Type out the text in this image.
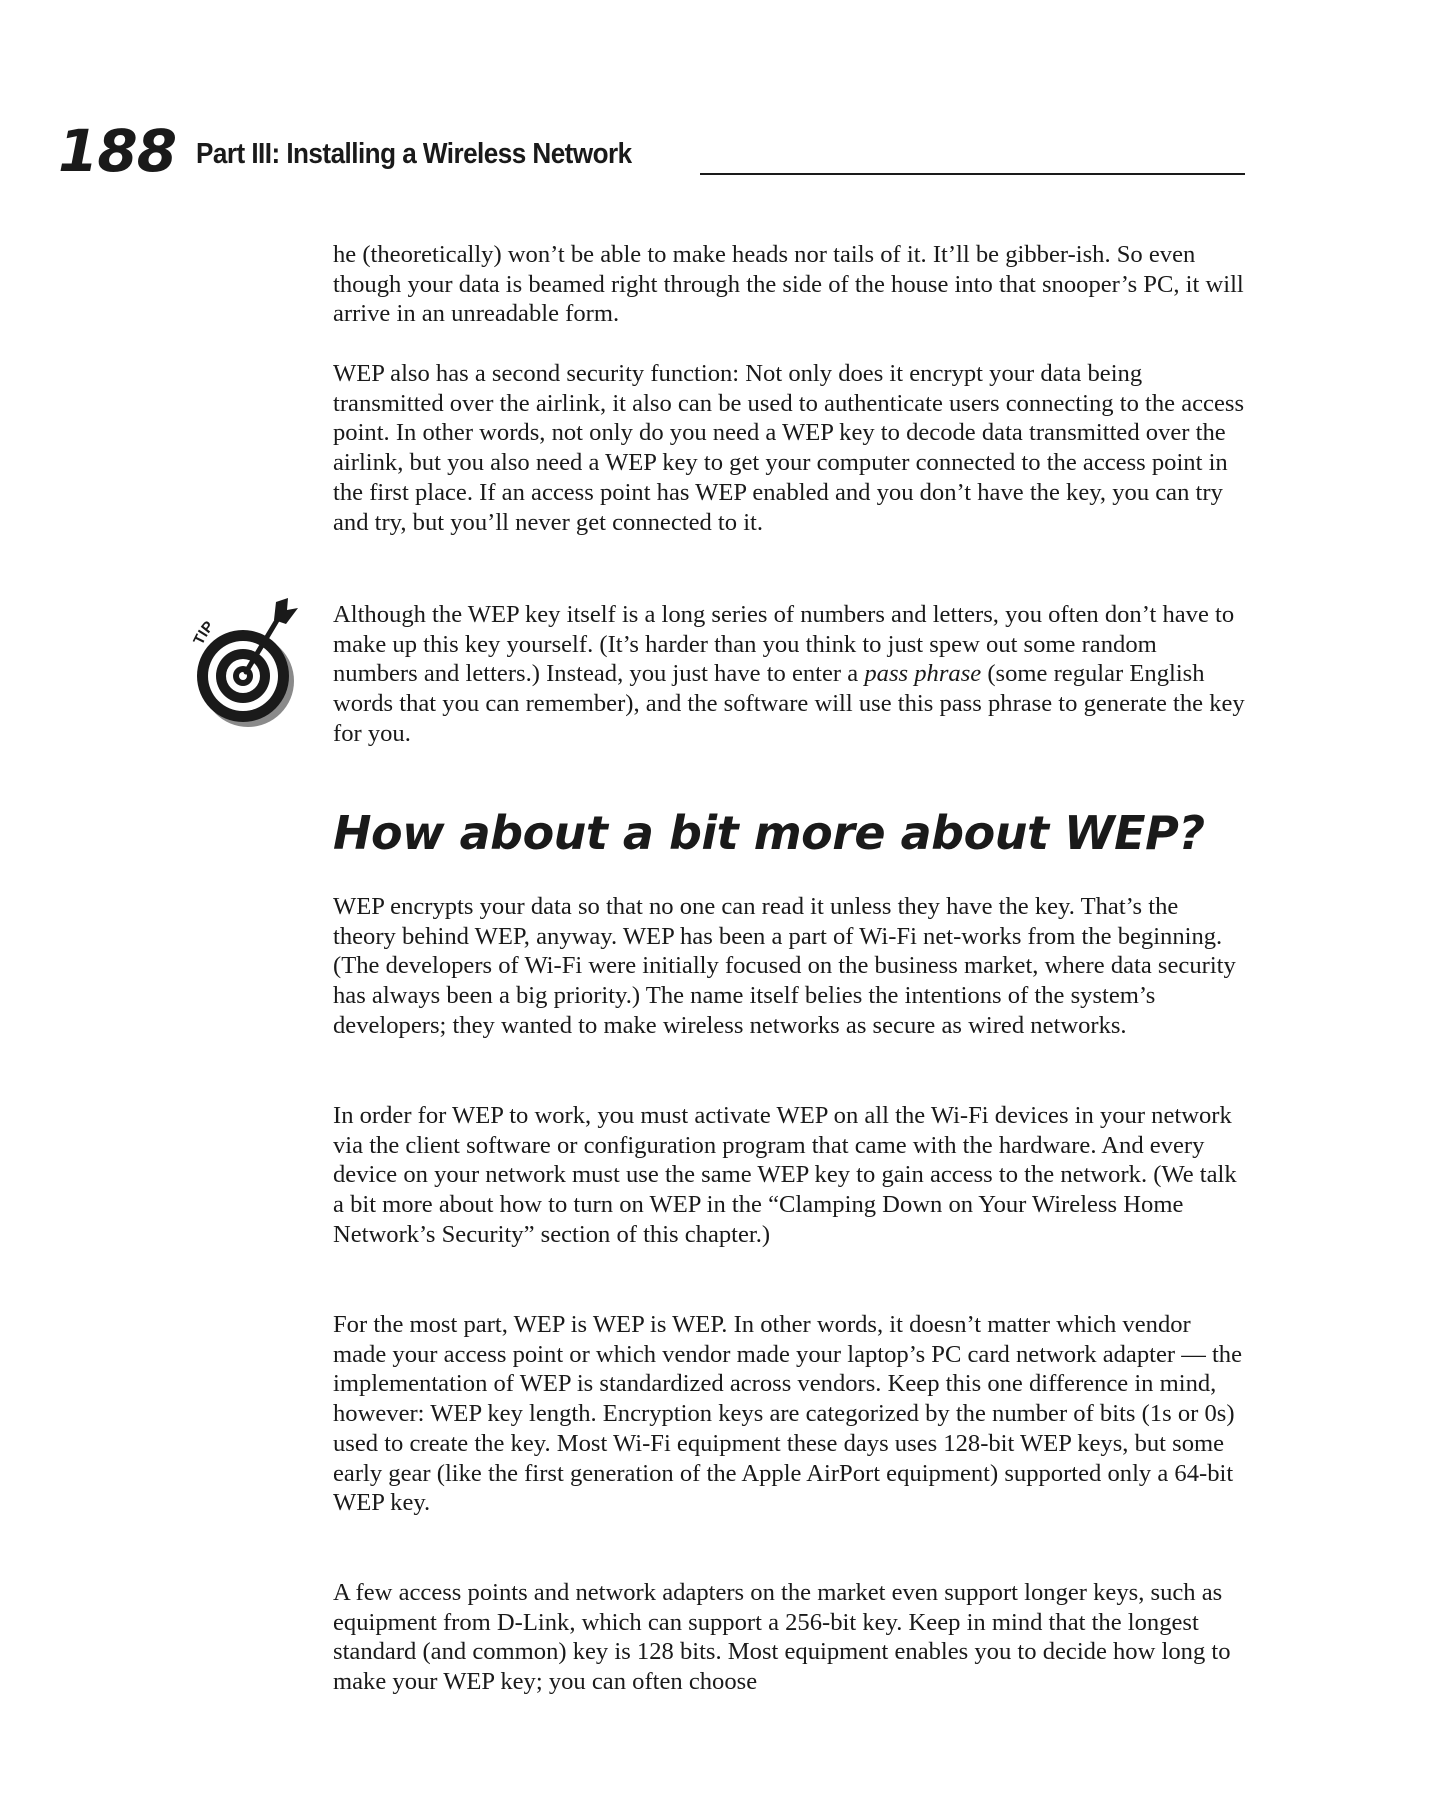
188 Part III: Installing a Wireless Network

he (theoretically) won’t be able to make heads nor tails of it. It’ll be gibber-ish. So even though your data is beamed right through the side of the house into that snooper’s PC, it will arrive in an unreadable form.

WEP also has a second security function: Not only does it encrypt your data being transmitted over the airlink, it also can be used to authenticate users connecting to the access point. In other words, not only do you need a WEP key to decode data transmitted over the airlink, but you also need a WEP key to get your computer connected to the access point in the first place. If an access point has WEP enabled and you don’t have the key, you can try and try, but you’ll never get connected to it.

TIP	Although the WEP key itself is a long series of numbers and letters, you often don’t have to make up this key yourself. (It’s harder than you think to just spew out some random numbers and letters.) Instead, you just have to enter a pass phrase (some regular English words that you can remember), and the software will use this pass phrase to generate the key for you.

How about a bit more about WEP?

WEP encrypts your data so that no one can read it unless they have the key. That’s the theory behind WEP, anyway. WEP has been a part of Wi-Fi net-works from the beginning. (The developers of Wi-Fi were initially focused on the business market, where data security has always been a big priority.) The name itself belies the intentions of the system’s developers; they wanted to make wireless networks as secure as wired networks.

In order for WEP to work, you must activate WEP on all the Wi-Fi devices in your network via the client software or configuration program that came with the hardware. And every device on your network must use the same WEP key to gain access to the network. (We talk a bit more about how to turn on WEP in the “Clamping Down on Your Wireless Home Network’s Security” section of this chapter.)

For the most part, WEP is WEP is WEP. In other words, it doesn’t matter which vendor made your access point or which vendor made your laptop’s PC card network adapter — the implementation of WEP is standardized across vendors. Keep this one difference in mind, however: WEP key length. Encryption keys are categorized by the number of bits (1s or 0s) used to create the key. Most Wi-Fi equipment these days uses 128-bit WEP keys, but some early gear (like the first generation of the Apple AirPort equipment) supported only a 64-bit WEP key.

A few access points and network adapters on the market even support longer keys, such as equipment from D-Link, which can support a 256-bit key. Keep in mind that the longest standard (and common) key is 128 bits. Most equipment enables you to decide how long to make your WEP key; you can often choose
